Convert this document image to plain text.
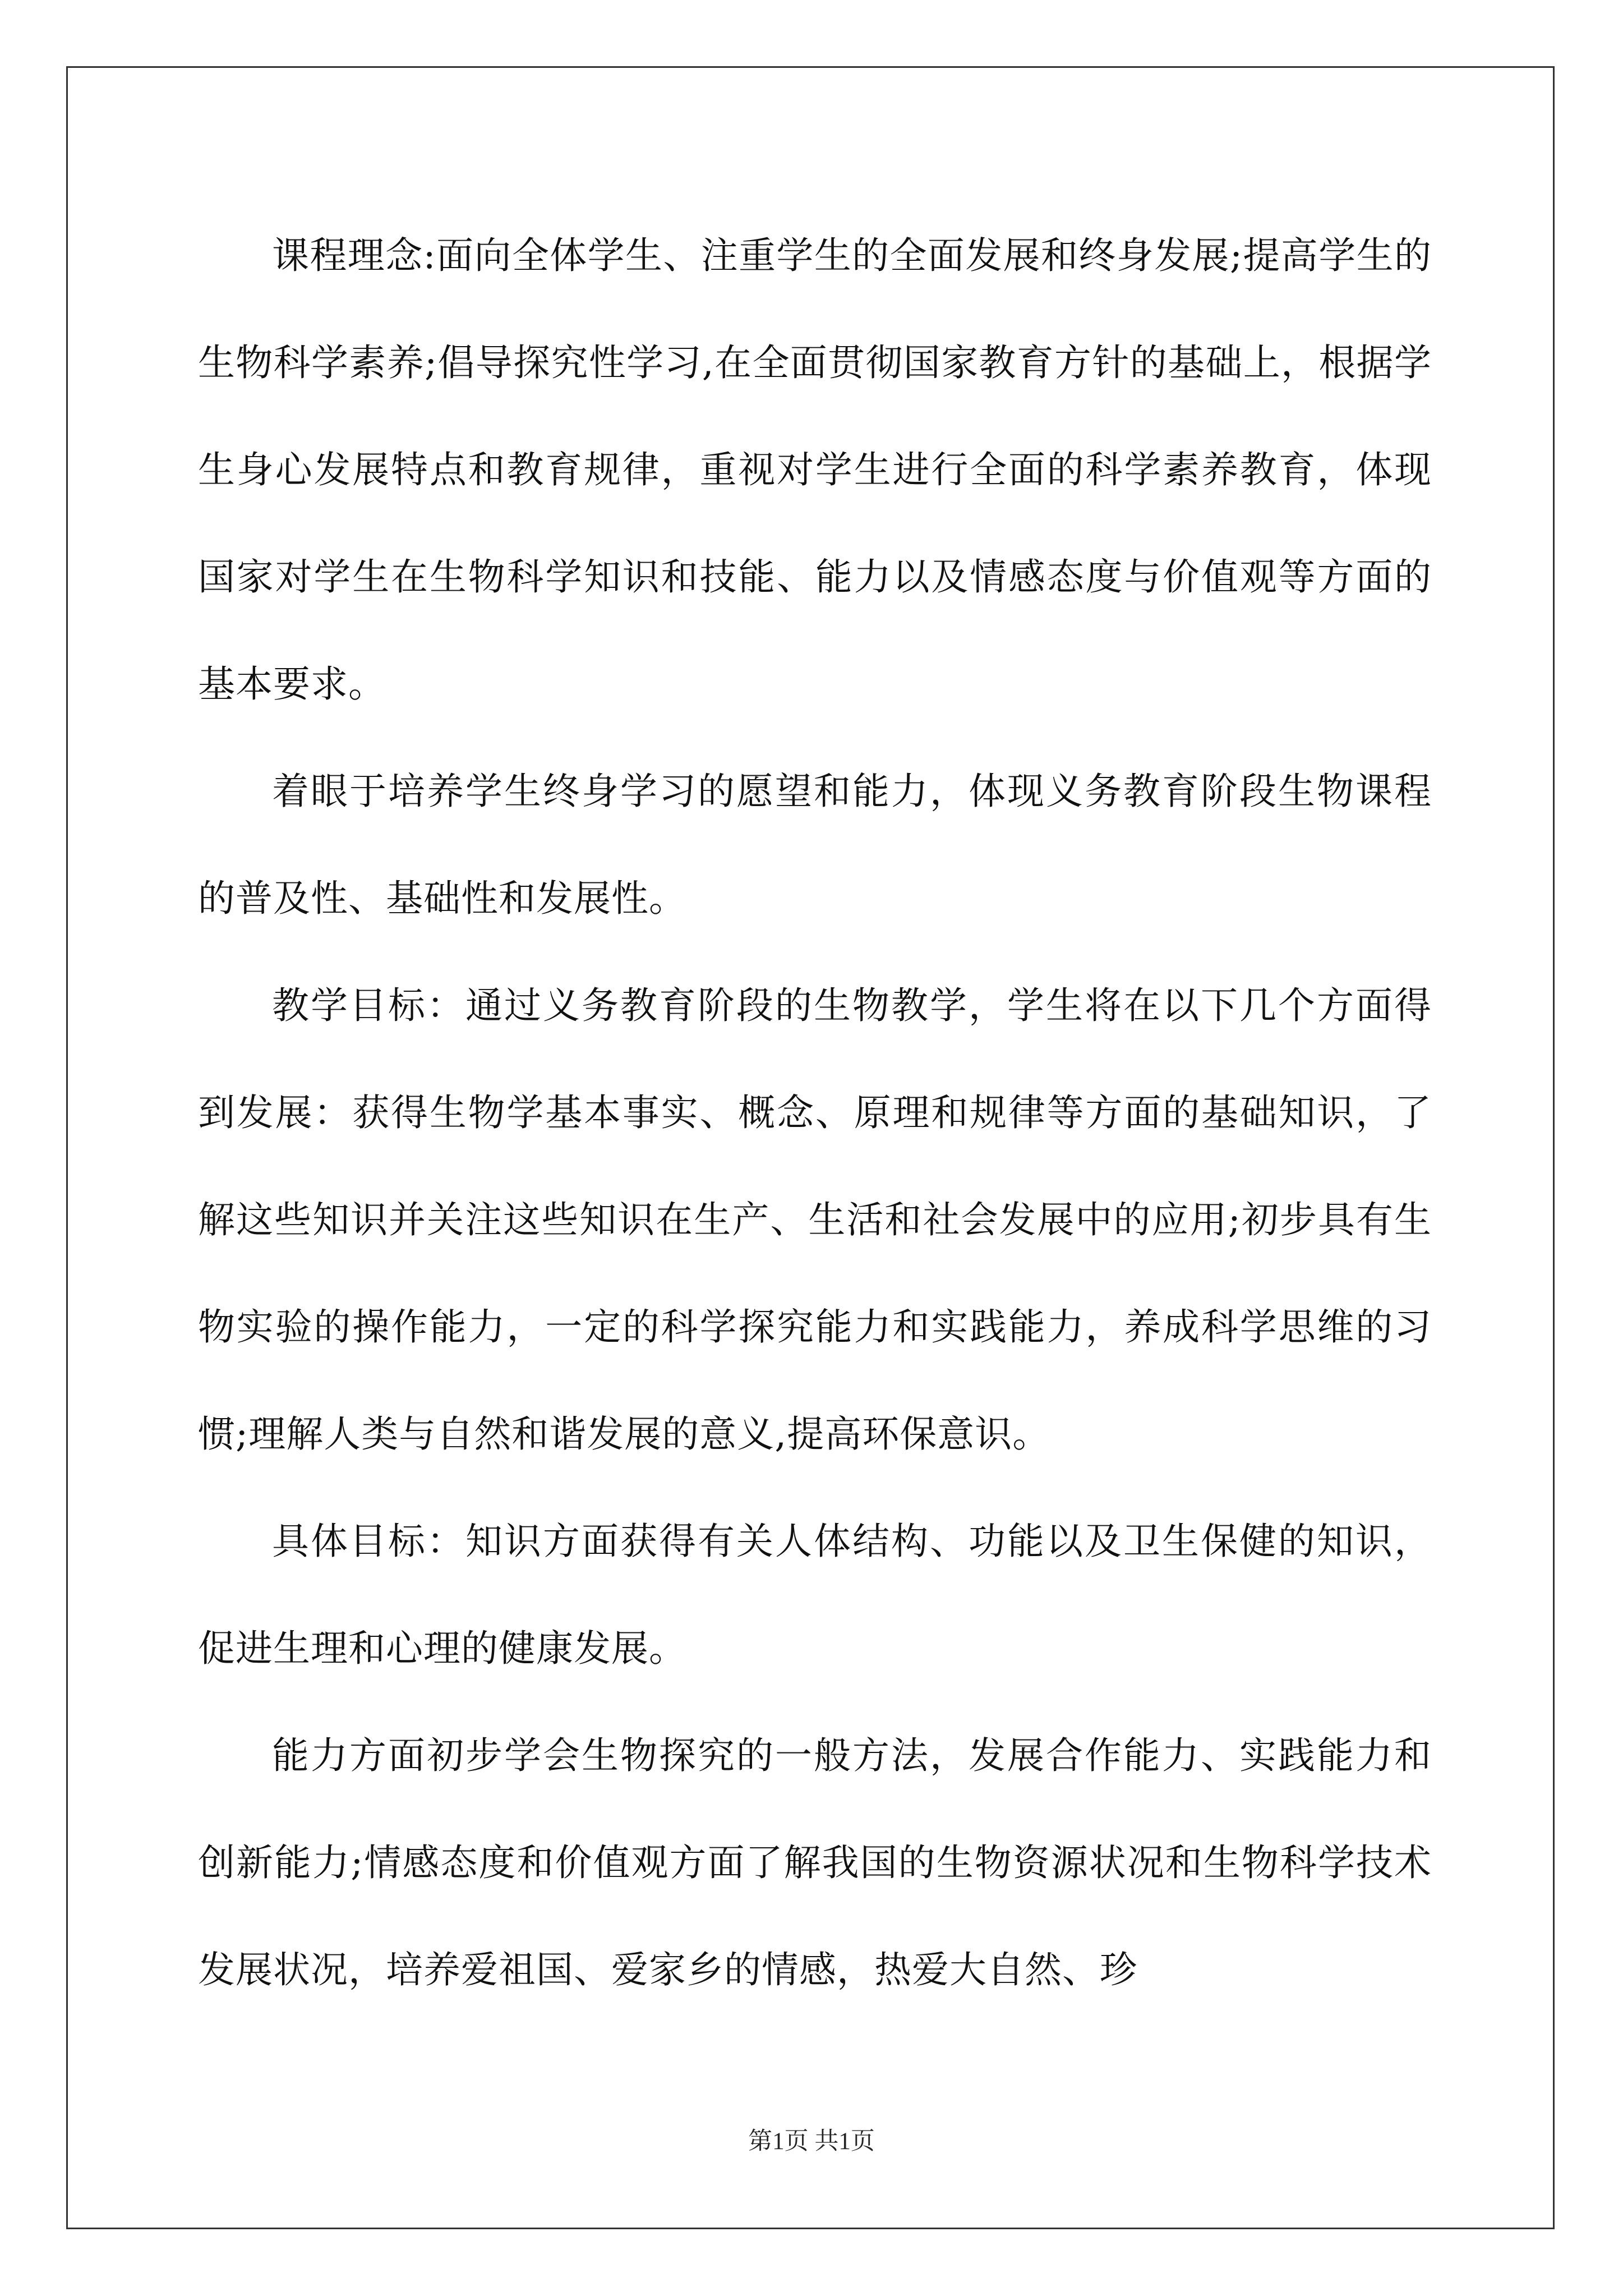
课程理念:面向全体学生、注重学生的全面发展和终身发展;提高学生的生物科学素养;倡导探究性学习,在全面贯彻国家教育方针的基础上，根据学生身心发展特点和教育规律，重视对学生进行全面的科学素养教育，体现国家对学生在生物科学知识和技能、能力以及情感态度与价值观等方面的基本要求。

着眼于培养学生终身学习的愿望和能力，体现义务教育阶段生物课程的普及性、基础性和发展性。

教学目标：通过义务教育阶段的生物教学，学生将在以下几个方面得到发展：获得生物学基本事实、概念、原理和规律等方面的基础知识，了解这些知识并关注这些知识在生产、生活和社会发展中的应用;初步具有生物实验的操作能力，一定的科学探究能力和实践能力，养成科学思维的习惯;理解人类与自然和谐发展的意义,提高环保意识。

具体目标：知识方面获得有关人体结构、功能以及卫生保健的知识，促进生理和心理的健康发展。

能力方面初步学会生物探究的一般方法，发展合作能力、实践能力和创新能力;情感态度和价值观方面了解我国的生物资源状况和生物科学技术发展状况，培养爱祖国、爱家乡的情感，热爱大自然、珍

第1页 共1页
